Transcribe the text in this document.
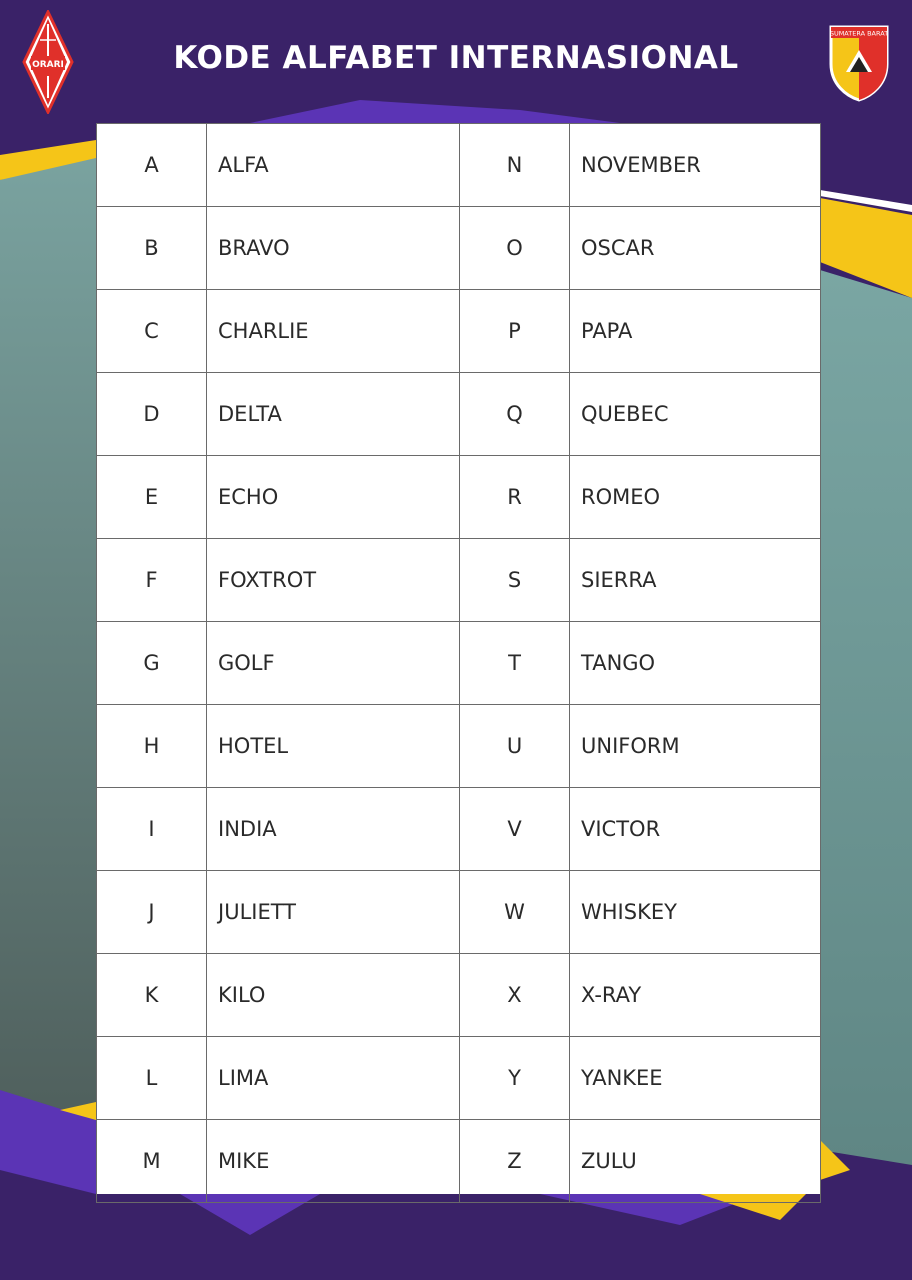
ORARI
SUMATERA BARAT
KODE ALFABET INTERNASIONAL
A	ALFA	N	NOVEMBER
B	BRAVO	O	OSCAR
C	CHARLIE	P	PAPA
D	DELTA	Q	QUEBEC
E	ECHO	R	ROMEO
F	FOXTROT	S	SIERRA
G	GOLF	T	TANGO
H	HOTEL	U	UNIFORM
I	INDIA	V	VICTOR
J	JULIETT	W	WHISKEY
K	KILO	X	X-RAY
L	LIMA	Y	YANKEE
M	MIKE	Z	ZULU
